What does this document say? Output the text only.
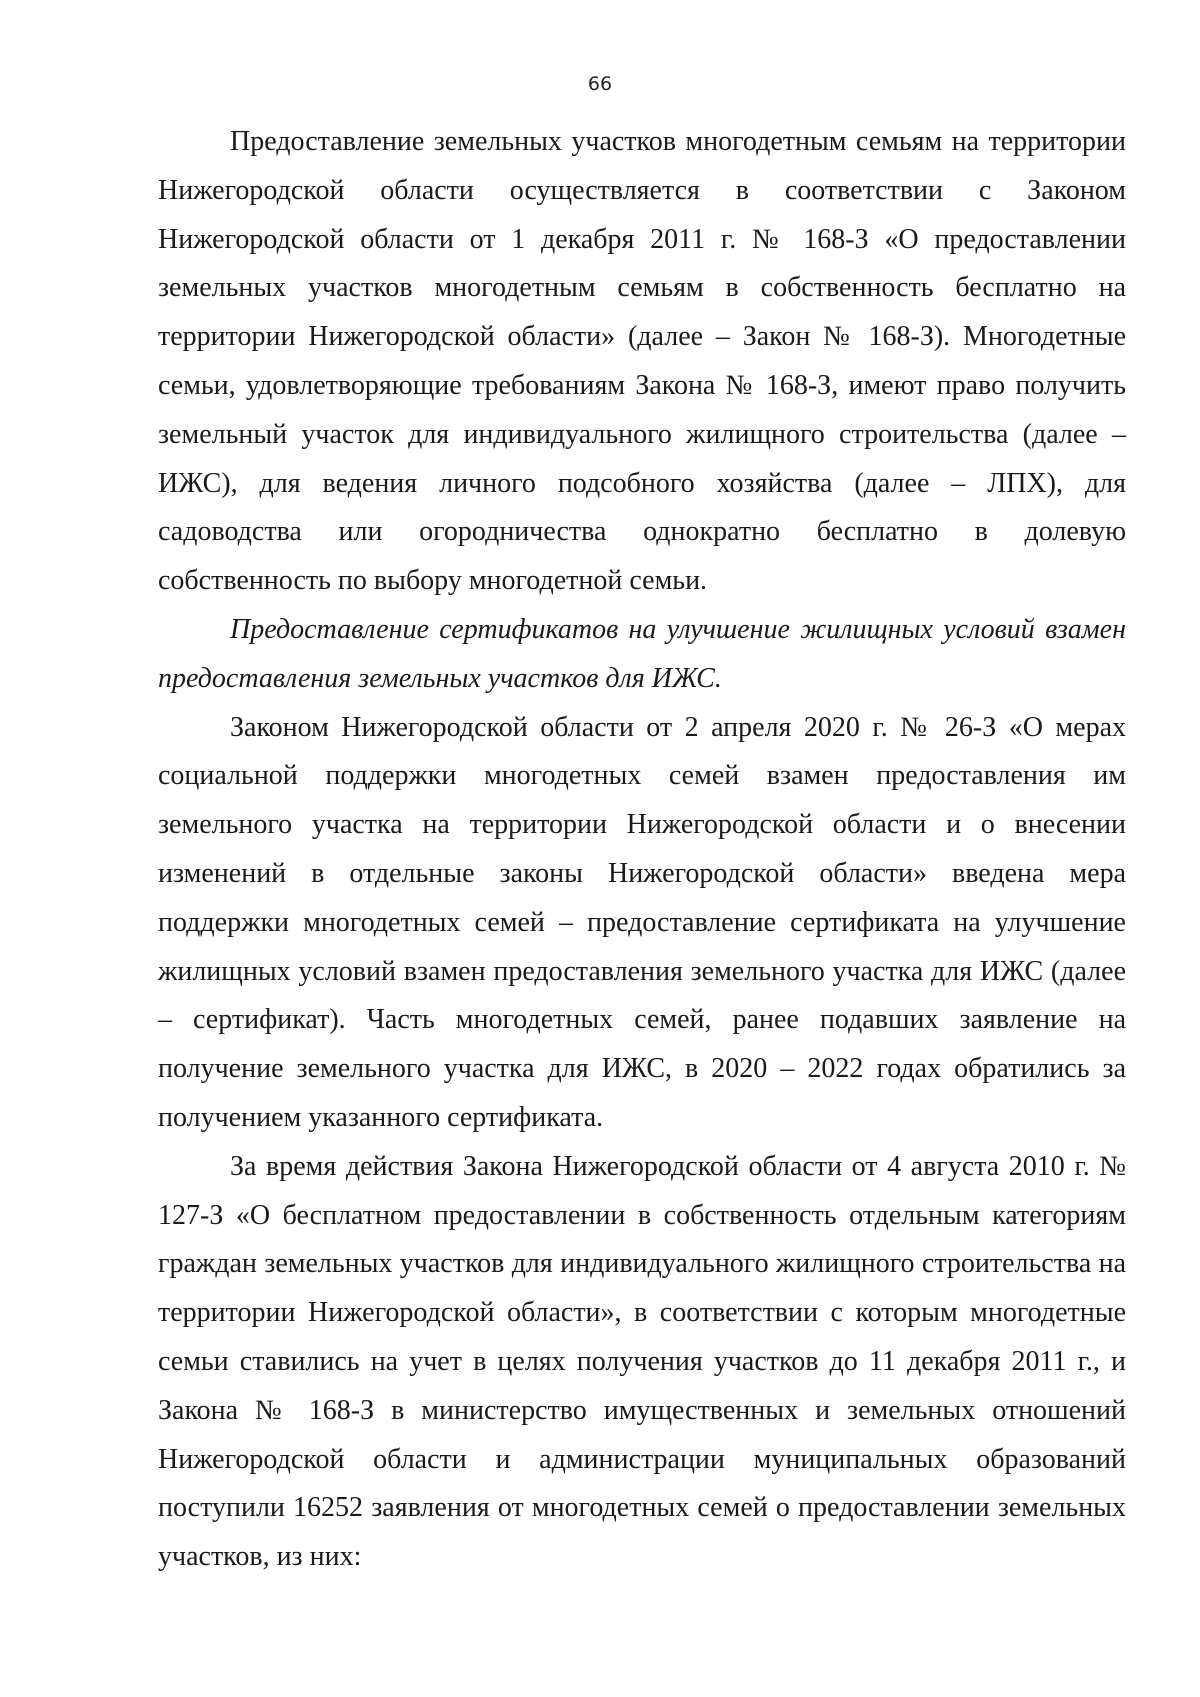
66

Предоставление земельных участков многодетным семьям на территории Нижегородской области осуществляется в соответствии с Законом Нижегородской области от 1 декабря 2011 г. № 168-З «О предоставлении земельных участков многодетным семьям в собственность бесплатно на территории Нижегородской области» (далее – Закон № 168-З). Многодетные семьи, удовлетворяющие требованиям Закона № 168-З, имеют право получить земельный участок для индивидуального жилищного строительства (далее – ИЖС), для ведения личного подсобного хозяйства (далее – ЛПХ), для садоводства или огородничества однократно бесплатно в долевую собственность по выбору многодетной семьи.

Предоставление сертификатов на улучшение жилищных условий взамен предоставления земельных участков для ИЖС.

Законом Нижегородской области от 2 апреля 2020 г. № 26-З «О мерах социальной поддержки многодетных семей взамен предоставления им земельного участка на территории Нижегородской области и о внесении изменений в отдельные законы Нижегородской области» введена мера поддержки многодетных семей – предоставление сертификата на улучшение жилищных условий взамен предоставления земельного участка для ИЖС (далее – сертификат). Часть многодетных семей, ранее подавших заявление на получение земельного участка для ИЖС, в 2020 – 2022 годах обратились за получением указанного сертификата.

За время действия Закона Нижегородской области от 4 августа 2010 г. № 127-З «О бесплатном предоставлении в собственность отдельным категориям граждан земельных участков для индивидуального жилищного строительства на территории Нижегородской области», в соответствии с которым многодетные семьи ставились на учет в целях получения участков до 11 декабря 2011 г., и Закона № 168-З в министерство имущественных и земельных отношений Нижегородской области и администрации муниципальных образований поступили 16252 заявления от многодетных семей о предоставлении земельных участков, из них:
